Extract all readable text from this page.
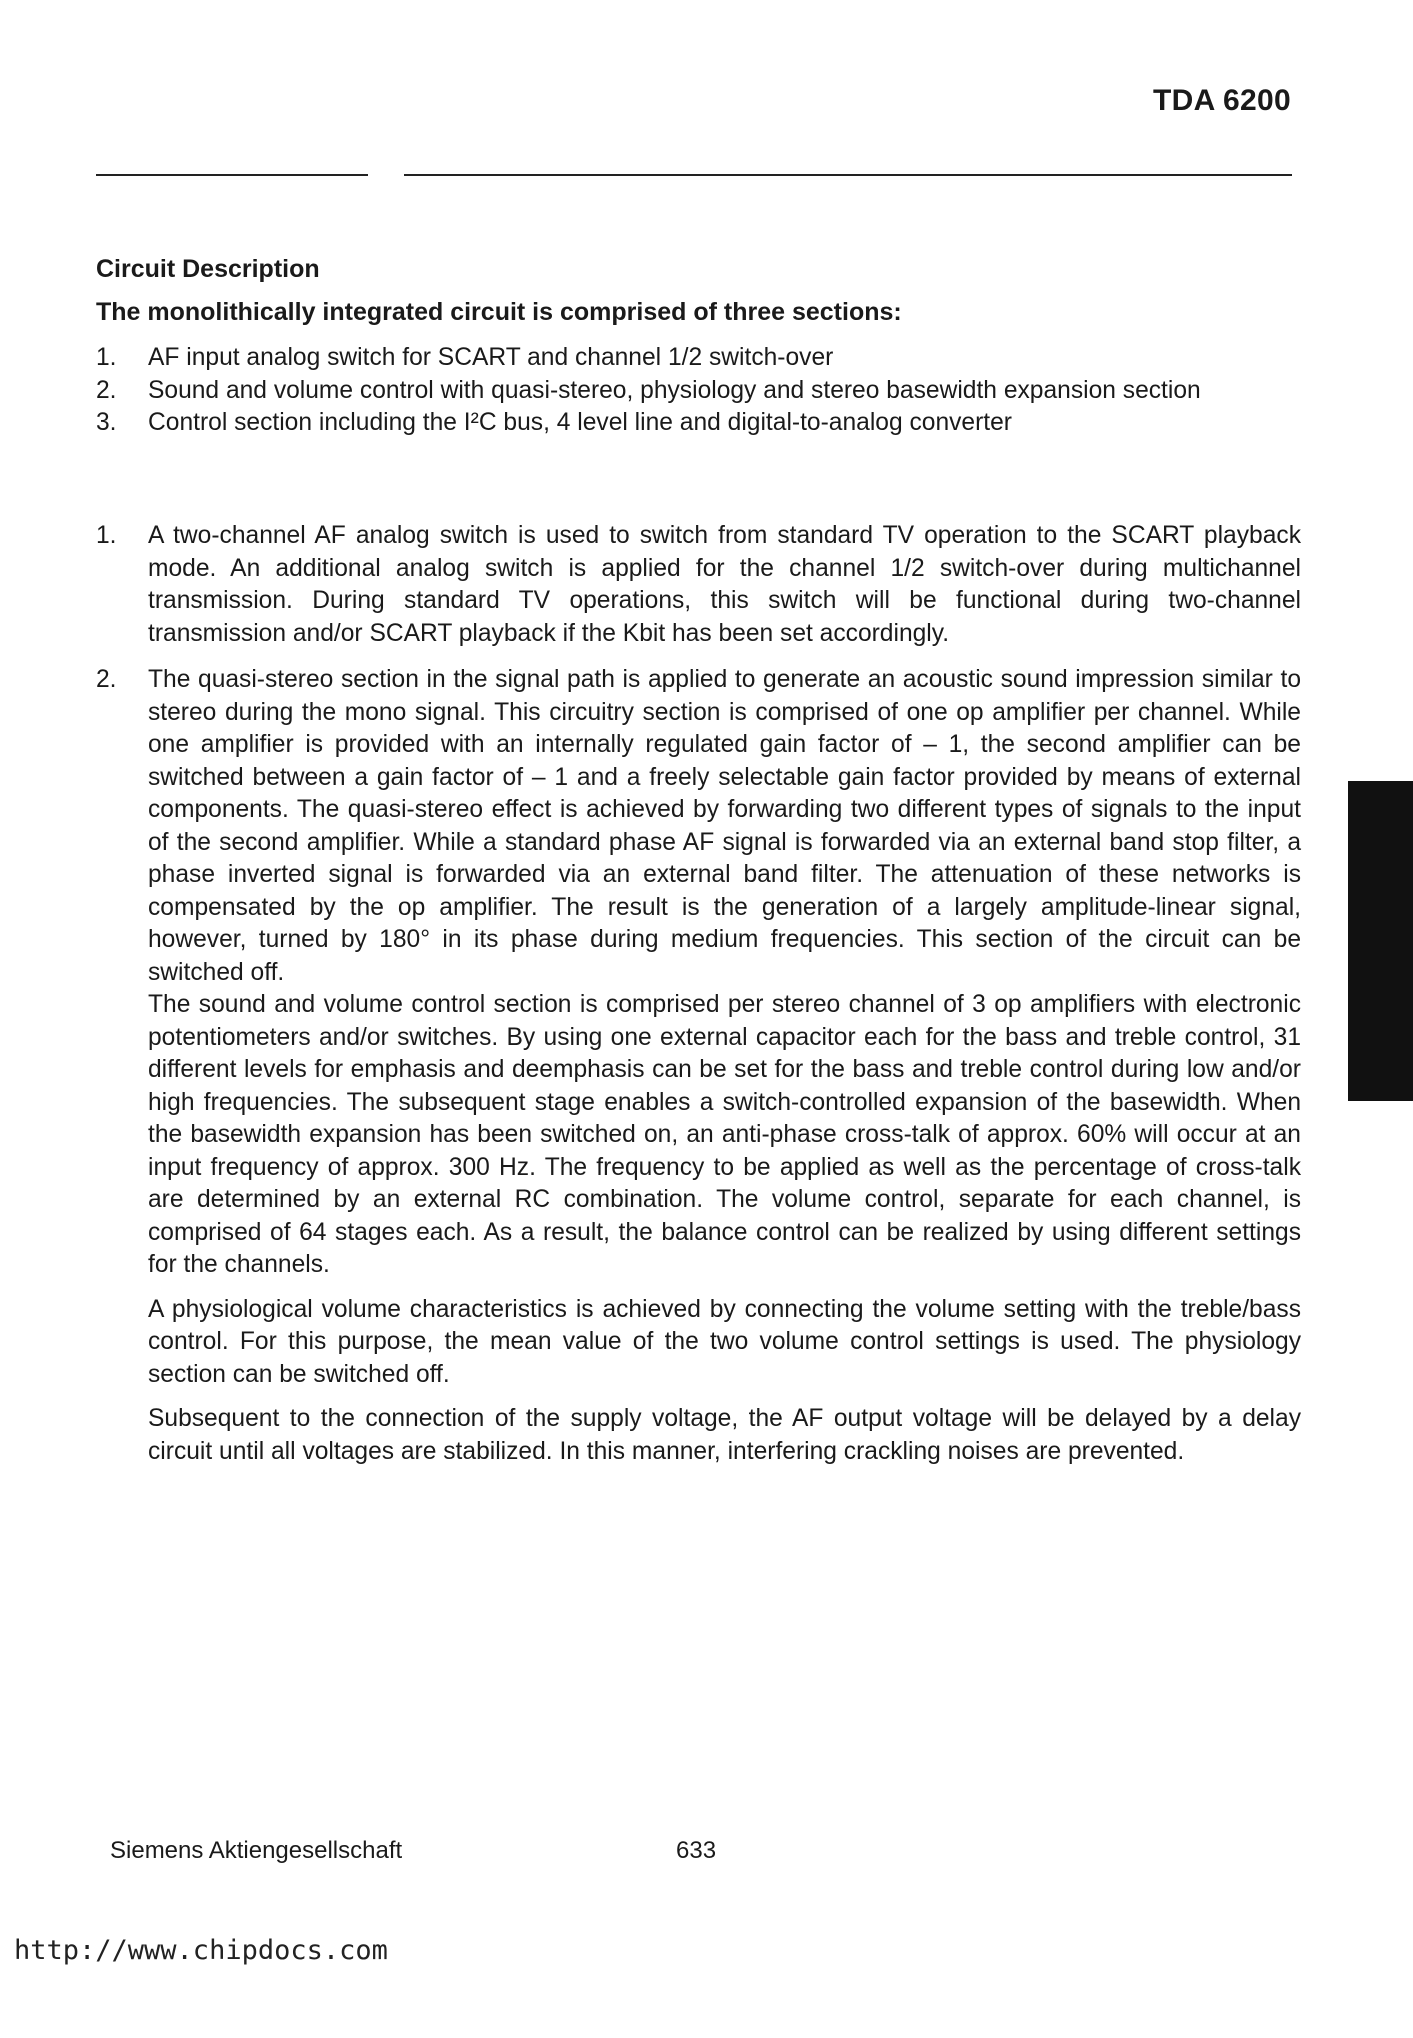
TDA 6200
Circuit Description
The monolithically integrated circuit is comprised of three sections:
1.	AF input analog switch for SCART and channel 1/2 switch-over
2.	Sound and volume control with quasi-stereo, physiology and stereo basewidth expansion section
3.	Control section including the I²C bus, 4 level line and digital-to-analog converter
1.	A two-channel AF analog switch is used to switch from standard TV operation to the SCART playback mode. An additional analog switch is applied for the channel 1/2 switch-over during multichannel transmission. During standard TV operations, this switch will be functional during two-channel transmission and/or SCART playback if the Kbit has been set accordingly.
2.	The quasi-stereo section in the signal path is applied to generate an acoustic sound impression similar to stereo during the mono signal. This circuitry section is comprised of one op amplifier per channel. While one amplifier is provided with an internally regulated gain factor of – 1, the second amplifier can be switched between a gain factor of – 1 and a freely selectable gain factor provided by means of external components. The quasi-stereo effect is achieved by forwarding two different types of signals to the input of the second amplifier. While a standard phase AF signal is forwarded via an external band stop filter, a phase inverted signal is forwarded via an external band filter. The attenuation of these networks is compensated by the op amplifier. The result is the generation of a largely amplitude-linear signal, however, turned by 180° in its phase during medium frequencies. This section of the circuit can be switched off.
The sound and volume control section is comprised per stereo channel of 3 op amplifiers with electronic potentiometers and/or switches. By using one external capacitor each for the bass and treble control, 31 different levels for emphasis and deemphasis can be set for the bass and treble control during low and/or high frequencies. The subsequent stage enables a switch-controlled expansion of the basewidth. When the basewidth expansion has been switched on, an anti-phase cross-talk of approx. 60% will occur at an input frequency of approx. 300 Hz. The frequency to be applied as well as the percentage of cross-talk are determined by an external RC combination. The volume control, separate for each channel, is comprised of 64 stages each. As a result, the balance control can be realized by using different settings for the channels.
A physiological volume characteristics is achieved by connecting the volume setting with the treble/bass control. For this purpose, the mean value of the two volume control settings is used. The physiology section can be switched off.
Subsequent to the connection of the supply voltage, the AF output voltage will be delayed by a delay circuit until all voltages are stabilized. In this manner, interfering crackling noises are prevented.
Siemens Aktiengesellschaft	633
http://www.chipdocs.com
